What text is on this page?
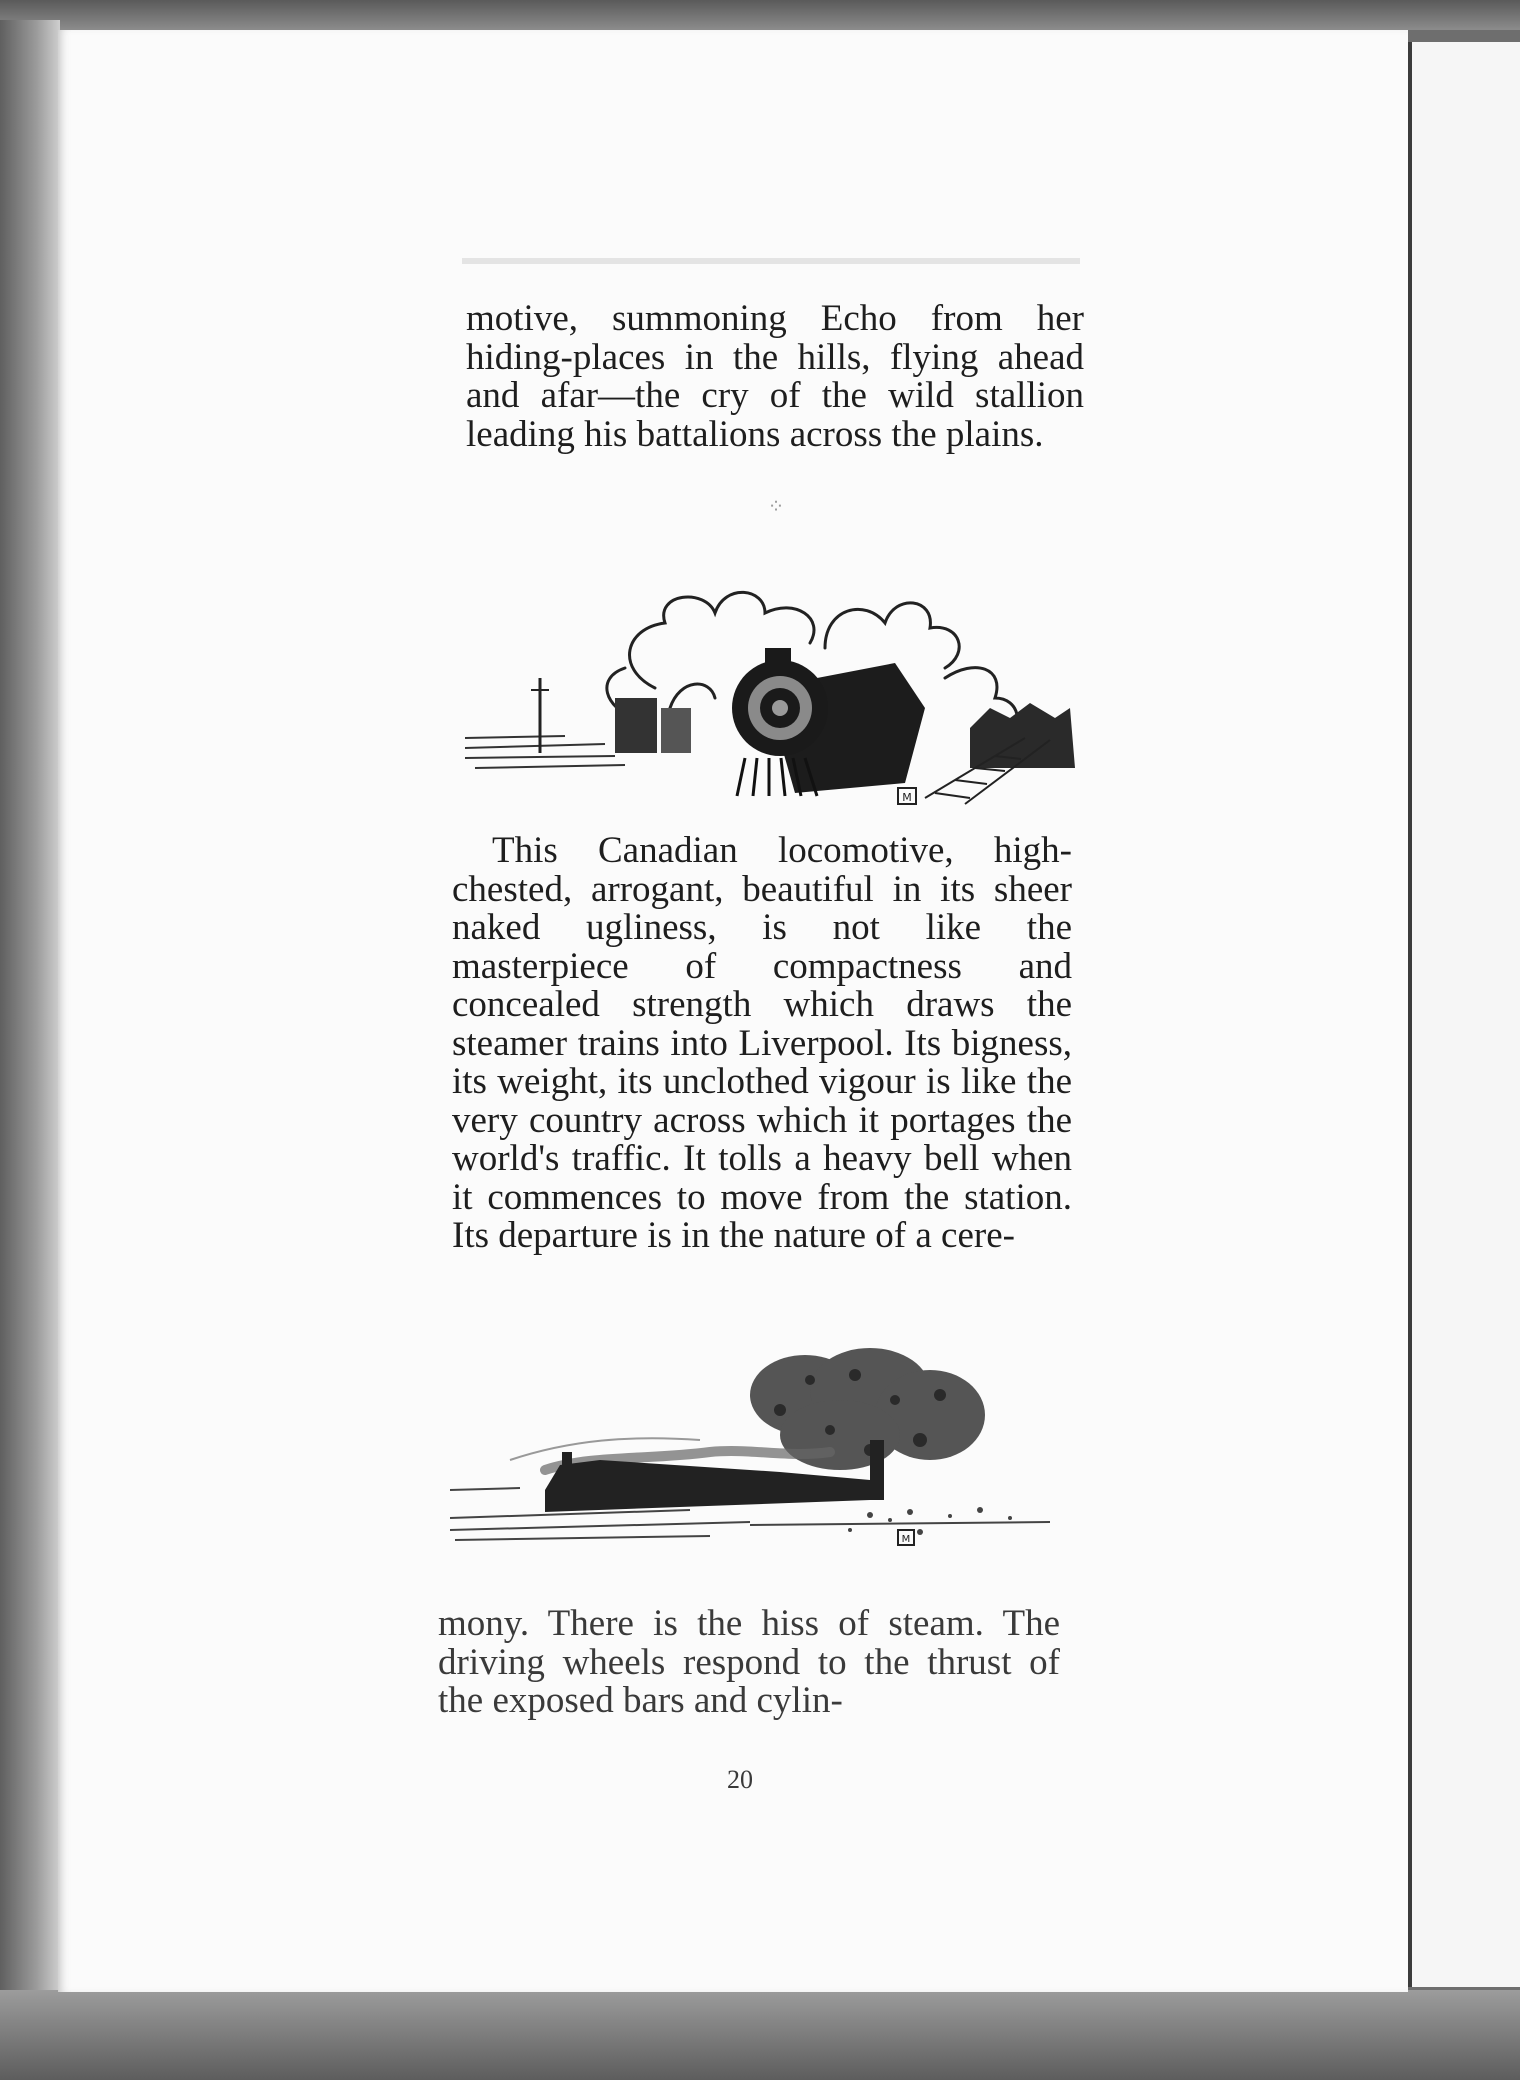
motive, summoning Echo from her hiding-places in the hills, flying ahead and afar—the cry of the wild stallion leading his battalions across the plains.

⁘
M

This Canadian locomotive, high-chested, arrogant, beautiful in its sheer naked ugliness, is not like the masterpiece of compactness and concealed strength which draws the steamer trains into Liverpool. Its bigness, its weight, its unclothed vigour is like the very country across which it portages the world's traffic. It tolls a heavy bell when it commences to move from the station. Its departure is in the nature of a cere-

M

mony. There is the hiss of steam. The driving wheels respond to the thrust of the exposed bars and cylin-

20
